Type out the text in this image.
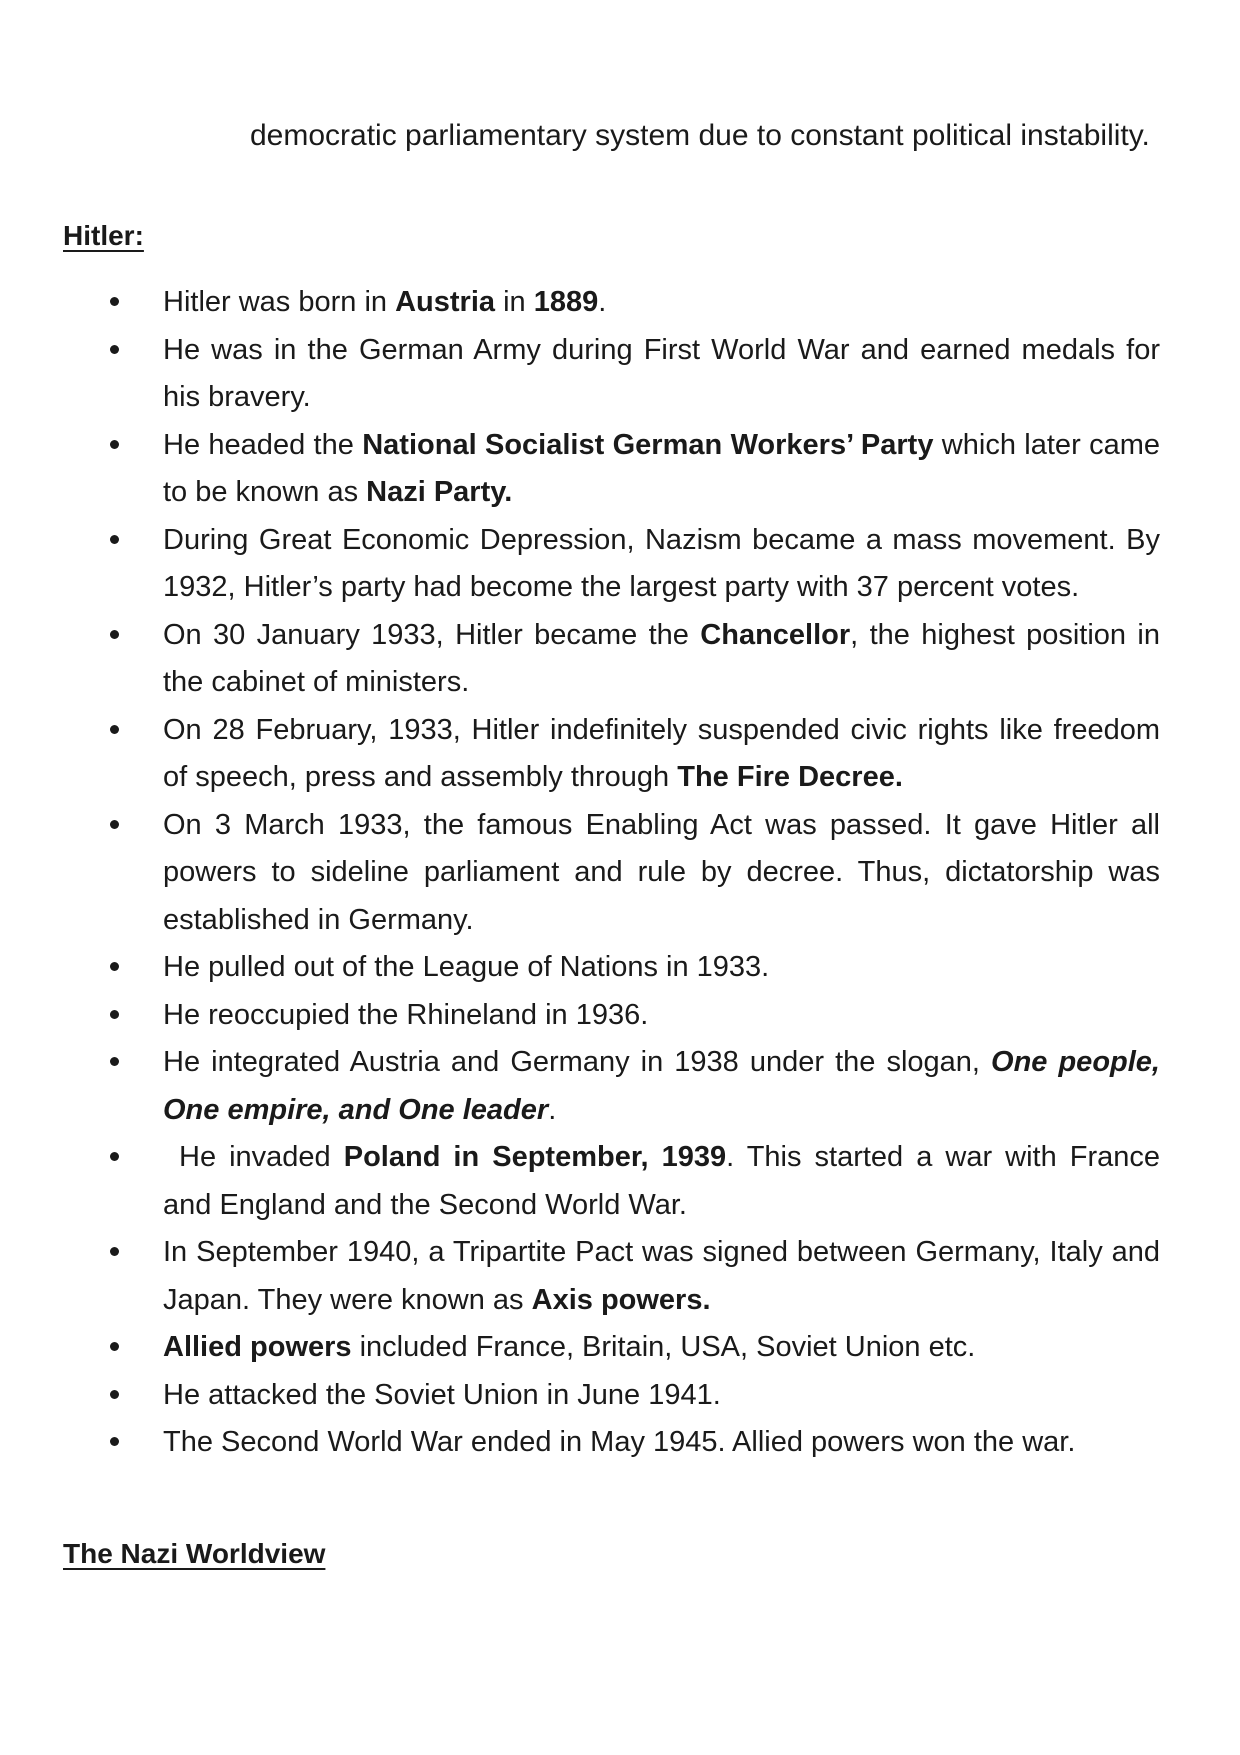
democratic parliamentary system due to constant political instability.

Hitler:
Hitler was born in Austria in 1889.
He was in the German Army during First World War and earned medals for his bravery.
He headed the National Socialist German Workers’ Party which later came to be known as Nazi Party.
During Great Economic Depression, Nazism became a mass movement. By 1932, Hitler’s party had become the largest party with 37 percent votes.
On 30 January 1933, Hitler became the Chancellor, the highest position in the cabinet of ministers.
On 28 February, 1933, Hitler indefinitely suspended civic rights like freedom of speech, press and assembly through The Fire Decree.
On 3 March 1933, the famous Enabling Act was passed. It gave Hitler all powers to sideline parliament and rule by decree. Thus, dictatorship was established in Germany.
He pulled out of the League of Nations in 1933.
He reoccupied the Rhineland in 1936.
He integrated Austria and Germany in 1938 under the slogan, One people, One empire, and One leader.
He invaded Poland in September, 1939. This started a war with France and England and the Second World War.
In September 1940, a Tripartite Pact was signed between Germany, Italy and Japan. They were known as Axis powers.
Allied powers included France, Britain, USA, Soviet Union etc.
He attacked the Soviet Union in June 1941.
The Second World War ended in May 1945. Allied powers won the war.
The Nazi Worldview
